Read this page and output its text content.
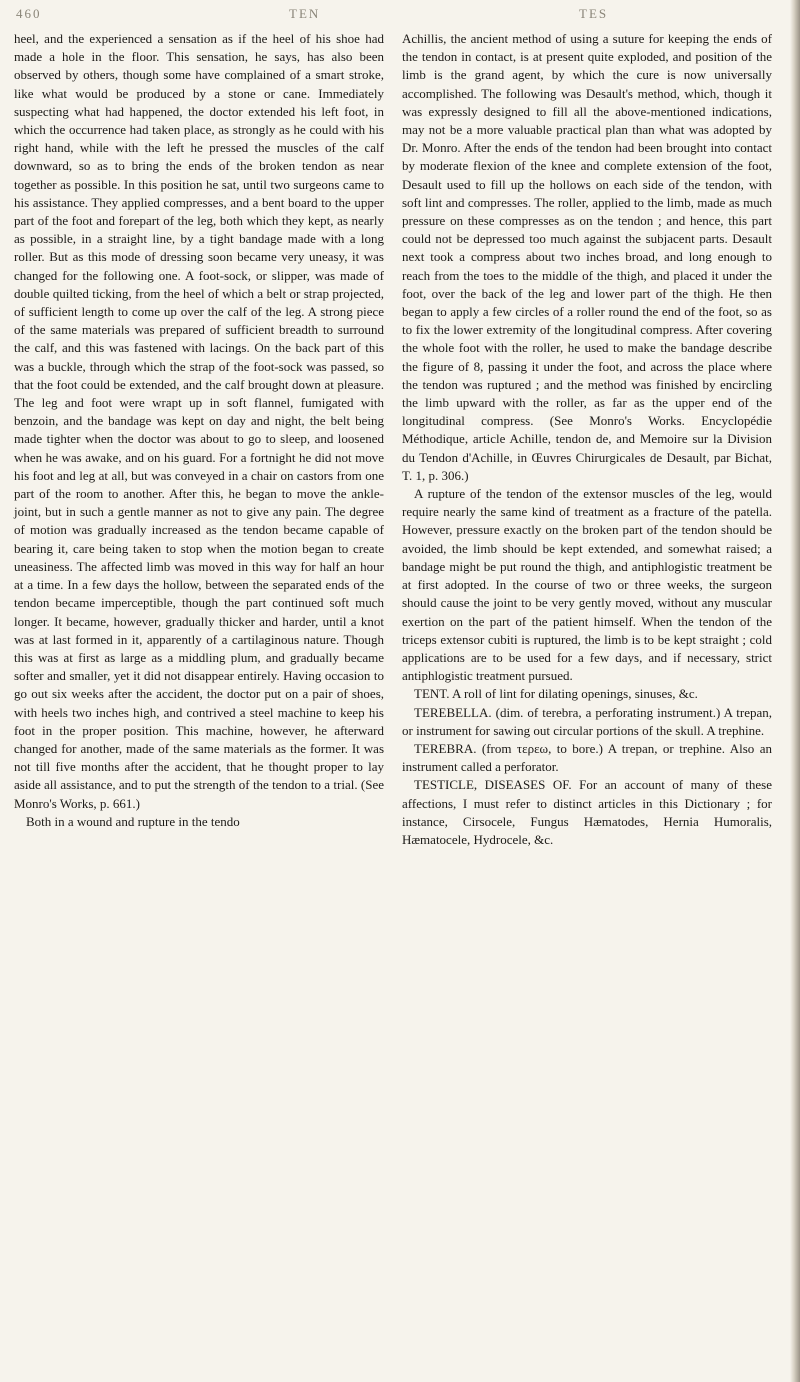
460	TEN	TES

heel, and the experienced a sensation as if the heel of his shoe had made a hole in the floor. This sensation, he says, has also been observed by others, though some have complained of a smart stroke, like what would be produced by a stone or cane. Immediately suspecting what had happened, the doctor extended his left foot, in which the occurrence had taken place, as strongly as he could with his right hand, while with the left he pressed the muscles of the calf downward, so as to bring the ends of the broken tendon as near together as possible. In this position he sat, until two surgeons came to his assistance. They applied compresses, and a bent board to the upper part of the foot and forepart of the leg, both which they kept, as nearly as possible, in a straight line, by a tight bandage made with a long roller. But as this mode of dressing soon became very uneasy, it was changed for the following one. A foot-sock, or slipper, was made of double quilted ticking, from the heel of which a belt or strap projected, of sufficient length to come up over the calf of the leg. A strong piece of the same materials was prepared of sufficient breadth to surround the calf, and this was fastened with lacings. On the back part of this was a buckle, through which the strap of the foot-sock was passed, so that the foot could be extended, and the calf brought down at pleasure. The leg and foot were wrapt up in soft flannel, fumigated with benzoin, and the bandage was kept on day and night, the belt being made tighter when the doctor was about to go to sleep, and loosened when he was awake, and on his guard. For a fortnight he did not move his foot and leg at all, but was conveyed in a chair on castors from one part of the room to another. After this, he began to move the ankle-joint, but in such a gentle manner as not to give any pain. The degree of motion was gradually increased as the tendon became capable of bearing it, care being taken to stop when the motion began to create uneasiness. The affected limb was moved in this way for half an hour at a time. In a few days the hollow, between the separated ends of the tendon became imperceptible, though the part continued soft much longer. It became, however, gradually thicker and harder, until a knot was at last formed in it, apparently of a cartilaginous nature. Though this was at first as large as a middling plum, and gradually became softer and smaller, yet it did not disappear entirely. Having occasion to go out six weeks after the accident, the doctor put on a pair of shoes, with heels two inches high, and contrived a steel machine to keep his foot in the proper position. This machine, however, he afterward changed for another, made of the same materials as the former. It was not till five months after the accident, that he thought proper to lay aside all assistance, and to put the strength of the tendon to a trial. (See Monro's Works, p. 661.)

Both in a wound and rupture in the tendo

Achillis, the ancient method of using a suture for keeping the ends of the tendon in contact, is at present quite exploded, and position of the limb is the grand agent, by which the cure is now universally accomplished. The following was Desault's method, which, though it was expressly designed to fill all the above-mentioned indications, may not be a more valuable practical plan than what was adopted by Dr. Monro. After the ends of the tendon had been brought into contact by moderate flexion of the knee and complete extension of the foot, Desault used to fill up the hollows on each side of the tendon, with soft lint and compresses. The roller, applied to the limb, made as much pressure on these compresses as on the tendon ; and hence, this part could not be depressed too much against the subjacent parts. Desault next took a compress about two inches broad, and long enough to reach from the toes to the middle of the thigh, and placed it under the foot, over the back of the leg and lower part of the thigh. He then began to apply a few circles of a roller round the end of the foot, so as to fix the lower extremity of the longitudinal compress. After covering the whole foot with the roller, he used to make the bandage describe the figure of 8, passing it under the foot, and across the place where the tendon was ruptured ; and the method was finished by encircling the limb upward with the roller, as far as the upper end of the longitudinal compress. (See Monro's Works. Encyclopédie Méthodique, article Achille, tendon de, and Memoire sur la Division du Tendon d'Achille, in Œuvres Chirurgicales de Desault, par Bichat, T. 1, p. 306.)

A rupture of the tendon of the extensor muscles of the leg, would require nearly the same kind of treatment as a fracture of the patella. However, pressure exactly on the broken part of the tendon should be avoided, the limb should be kept extended, and somewhat raised; a bandage might be put round the thigh, and antiphlogistic treatment be at first adopted. In the course of two or three weeks, the surgeon should cause the joint to be very gently moved, without any muscular exertion on the part of the patient himself. When the tendon of the triceps extensor cubiti is ruptured, the limb is to be kept straight ; cold applications are to be used for a few days, and if necessary, strict antiphlogistic treatment pursued.

TENT. A roll of lint for dilating openings, sinuses, &c.

TEREBELLA. (dim. of terebra, a perforating instrument.) A trepan, or instrument for sawing out circular portions of the skull. A trephine.

TEREBRA. (from τερεω, to bore.) A trepan, or trephine. Also an instrument called a perforator.

TESTICLE, DISEASES OF. For an account of many of these affections, I must refer to distinct articles in this Dictionary ; for instance, Cirsocele, Fungus Hæmatodes, Hernia Humoralis, Hæmatocele, Hydrocele, &c.
